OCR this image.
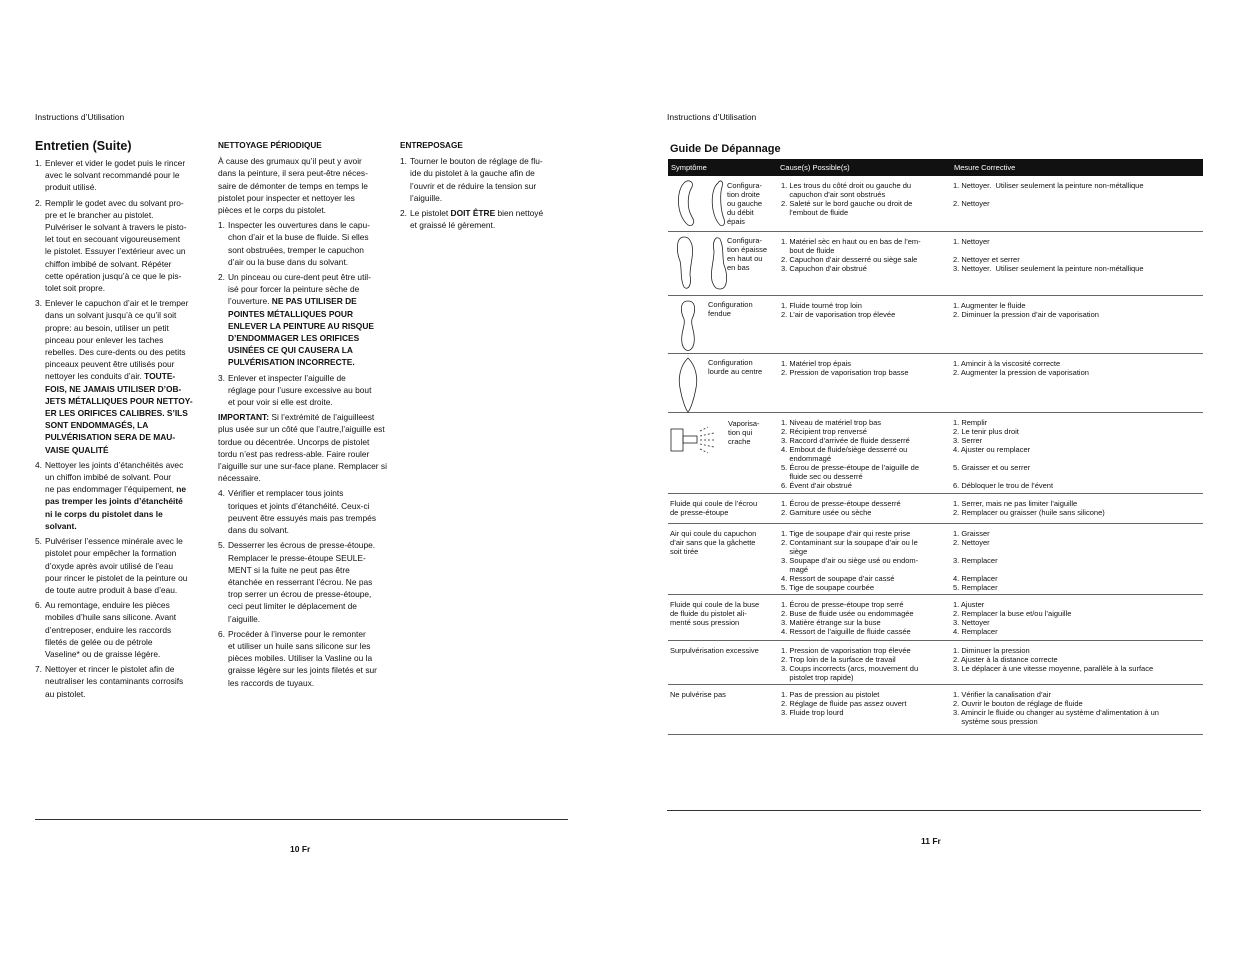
Instructions d’Utilisation
Entretien (Suite)
1. Enlever et vider le godet puis le rincer
avec le solvant recommandé pour le
produit utilisé.
2. Remplir le godet avec du solvant pro-
pre et le brancher au pistolet.
Pulvériser le solvant à travers le pisto-
let tout en secouant vigoureusement
le pistolet. Essuyer l’extérieur avec un
chiffon imbibé de solvant. Répéter
cette opération jusqu’à ce que le pis-
tolet soit propre.
3. Enlever le capuchon d’air et le tremper
dans un solvant jusqu’à ce qu’il soit
propre: au besoin, utiliser un petit
pinceau pour enlever les taches
rebelles. Des cure-dents ou des petits
pinceaux peuvent être utilisés pour
nettoyer les conduits d’air. TOUTE-
FOIS, NE JAMAIS UTILISER D’OB-
JETS MÉTALLIQUES POUR NETTOY-
ER LES ORIFICES CALIBRES. S’ILS
SONT ENDOMMAGÉS, LA
PULVÉRISATION SERA DE MAU-
VAISE QUALITÉ
4. Nettoyer les joints d’étanchéités avec
un chiffon imbibé de solvant. Pour
ne pas endommager l’équipement, ne
pas tremper les joints d’étanchéité
ni le corps du pistolet dans le
solvant.
5. Pulvériser l’essence minérale avec le
pistolet pour empêcher la formation
d’oxyde après avoir utilisé de l’eau
pour rincer le pistolet de la peinture ou
de toute autre produit à base d’eau.
6. Au remontage, enduire les pièces
mobiles d’huile sans silicone. Avant
d’entreposer, enduire les raccords
filetés de gelée ou de pétrole
Vaseline* ou de graisse légère.
7. Nettoyer et rincer le pistolet afin de
neutraliser les contaminants corrosifs
au pistolet.
NETTOYAGE PÉRIODIQUE
À cause des grumaux qu’il peut y avoir
dans la peinture, il sera peut-être néces-
saire de démonter de temps en temps le
pistolet pour inspecter et nettoyer les
pièces et le corps du pistolet.
1. Inspecter les ouvertures dans le capu-
chon d’air et la buse de fluide. Si elles
sont obstruées, tremper le capuchon
d’air ou la buse dans du solvant.
2. Un pinceau ou cure-dent peut être util-
isé pour forcer la peinture sèche de
l’ouverture. NE PAS UTILISER DE
POINTES MÉTALLIQUES POUR
ENLEVER LA PEINTURE AU RISQUE
D’ENDOMMAGER LES ORIFICES
USINÉES CE QUI CAUSERA LA
PULVÉRISATION INCORRECTE.
3. Enlever et inspecter l’aiguille de
réglage pour l’usure excessive au bout
et pour voir si elle est droite.
IMPORTANT: Si l’extrémité de l’aiguilleest plus usée sur un côté que l’autre,l’aiguille est tordue ou décentrée. Uncorps de pistolet tordu n’est pas redress-able. Faire rouler l’aiguille sur une sur-face plane. Remplacer si nécessaire.
4. Vérifier et remplacer tous joints
toriques et joints d’étanchéité. Ceux-ci
peuvent être essuyés mais pas trempés
dans du solvant.
5. Desserrer les écrous de presse-étoupe.
Remplacer le presse-étoupe SEULE-
MENT si la fuite ne peut pas être
étanchée en resserrant l’écrou. Ne pas
trop serrer un écrou de presse-étoupe,
ceci peut limiter le déplacement de
l’aiguille.
6. Procéder à l’inverse pour le remonter
et utiliser un huile sans silicone sur les
pièces mobiles. Utiliser la Vasline ou la
graisse légère sur les joints filetés et sur
les raccords de tuyaux.
ENTREPOSAGE
1. Tourner le bouton de réglage de flu-
ide du pistolet à la gauche afin de
l’ouvrir et de réduire la tension sur
l’aiguille.
2. Le pistolet DOIT ÊTRE bien nettoyé
et graissé lé gèrement.
10 Fr
Instructions d’Utilisation
Guide De Dépannage
Symptôme	Cause(s) Possible(s)	Mesure Corrective
Configura-
tion droite
ou gauche
du débit
épais
1. Les trous du côté droit ou gauche du
capuchon d’air sont obstrués
2. Saleté sur le bord gauche ou droit de
l’embout de fluide
1. Nettoyer.  Utiliser seulement la peinture non-métallique

2. Nettoyer
Configura-
tion épaisse
en haut ou
en bas
1. Matériel sèc en haut ou en bas de l’em-
bout de fluide
2. Capuchon d’air desserré ou siège sale
3. Capuchon d’air obstrué
1. Nettoyer

2. Nettoyer et serrer
3. Nettoyer.  Utiliser seulement la peinture non-métallique
Configuration
fendue
1. Fluide tourné trop loin
2. L’air de vaporisation trop élevée
1. Augmenter le fluide
2. Diminuer la pression d’air de vaporisation
Configuration
lourde au centre
1. Matériel trop épais
2. Pression de vaporisation trop basse
1. Amincir à la viscosité correcte
2. Augmenter la pression de vaporisation
Vaporisa-
tion qui
crache
1. Niveau de matériel trop bas
2. Récipient trop renversé
3. Raccord d’arrivée de fluide desserré
4. Embout de fluide/siège desserré ou
endommagé
5. Écrou de presse-étoupe de l’aiguille de
fluide sec ou desserré
6. Évent d’air obstrué
1. Remplir
2. Le tenir plus droit
3. Serrer
4. Ajuster ou remplacer

5. Graisser et ou serrer

6. Débloquer le trou de l’évent
Fluide qui coule de l’écrou
de presse-étoupe
1. Écrou de presse-étoupe desserré
2. Garniture usée ou sèche
1. Serrer, mais ne pas limiter l’aiguille
2. Remplacer ou graisser (huile sans silicone)
Air qui coule du capuchon
d’air sans que la gâchette
soit tirée
1. Tige de soupape d’air qui reste prise
2. Contaminant sur la soupape d’air ou le
siège
3. Soupape d’air ou siège usé ou endom-
magé
4. Ressort de soupape d’air cassé
5. Tige de soupape courbée
1. Graisser
2. Nettoyer

3. Remplacer

4. Remplacer
5. Remplacer
Fluide qui coule de la buse
de fluide du pistolet ali-
menté sous pression
1. Écrou de presse-étoupe trop serré
2. Buse de fluide usée ou endommagée
3. Matière étrange sur la buse
4. Ressort de l’aiguille de fluide cassée
1. Ajuster
2. Remplacer la buse et/ou l’aiguille
3. Nettoyer
4. Remplacer
Surpulvérisation excessive	1. Pression de vaporisation trop élevée
2. Trop loin de la surface de travail
3. Coups incorrects (arcs, mouvement du
pistolet trop rapide)
1. Diminuer la pression
2. Ajuster à la distance correcte
3. Le déplacer à une vitesse moyenne, parallèle à la surface
Ne pulvérise pas	1. Pas de pression au pistolet
2. Réglage de fluide pas assez ouvert
3. Fluide trop lourd
1. Vérifier la canalisation d’air
2. Ouvrir le bouton de réglage de fluide
3. Amincir le fluide ou changer au système d’alimentation à un
système sous pression
11 Fr
